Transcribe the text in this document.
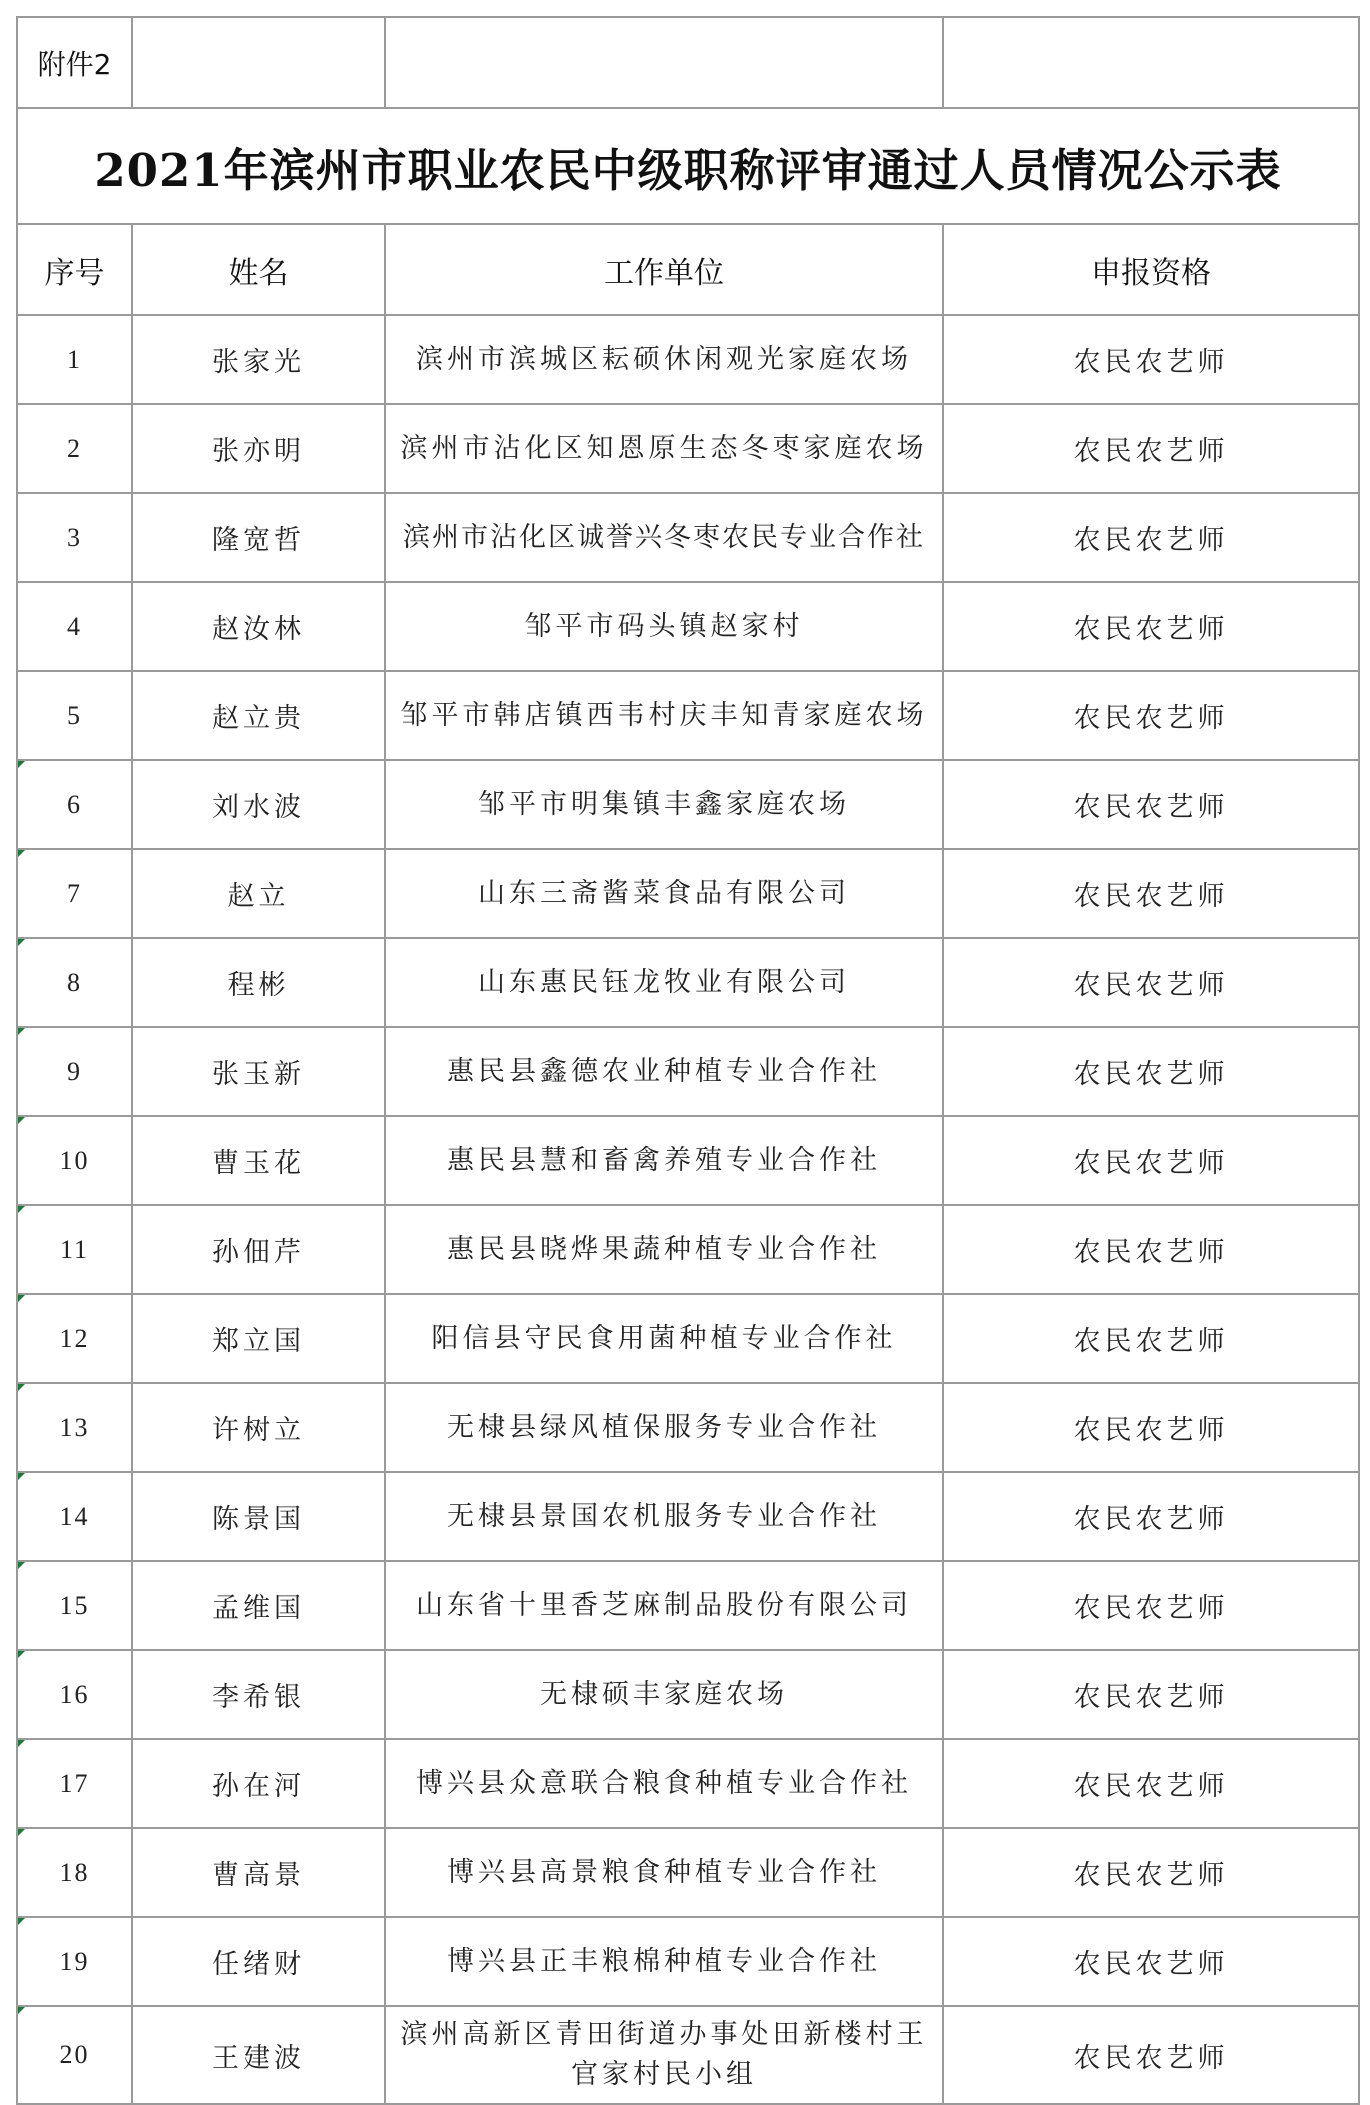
附件2			
2021年滨州市职业农民中级职称评审通过人员情况公示表			
序号	姓名	工作单位	申报资格
1	张家光	滨州市滨城区耘硕休闲观光家庭农场	农民农艺师
2	张亦明	滨州市沾化区知恩原生态冬枣家庭农场	农民农艺师
3	隆宽哲	滨州市沾化区诚誉兴冬枣农民专业合作社	农民农艺师
4	赵汝林	邹平市码头镇赵家村	农民农艺师
5	赵立贵	邹平市韩店镇西韦村庆丰知青家庭农场	农民农艺师
6	刘水波	邹平市明集镇丰鑫家庭农场	农民农艺师
7	赵立	山东三斋酱菜食品有限公司	农民农艺师
8	程彬	山东惠民钰龙牧业有限公司	农民农艺师
9	张玉新	惠民县鑫德农业种植专业合作社	农民农艺师
10	曹玉花	惠民县慧和畜禽养殖专业合作社	农民农艺师
11	孙佃芹	惠民县晓烨果蔬种植专业合作社	农民农艺师
12	郑立国	阳信县守民食用菌种植专业合作社	农民农艺师
13	许树立	无棣县绿风植保服务专业合作社	农民农艺师
14	陈景国	无棣县景国农机服务专业合作社	农民农艺师
15	孟维国	山东省十里香芝麻制品股份有限公司	农民农艺师
16	李希银	无棣硕丰家庭农场	农民农艺师
17	孙在河	博兴县众意联合粮食种植专业合作社	农民农艺师
18	曹高景	博兴县高景粮食种植专业合作社	农民农艺师
19	任绪财	博兴县正丰粮棉种植专业合作社	农民农艺师
20	王建波	滨州高新区青田街道办事处田新楼村王官家村民小组	农民农艺师
